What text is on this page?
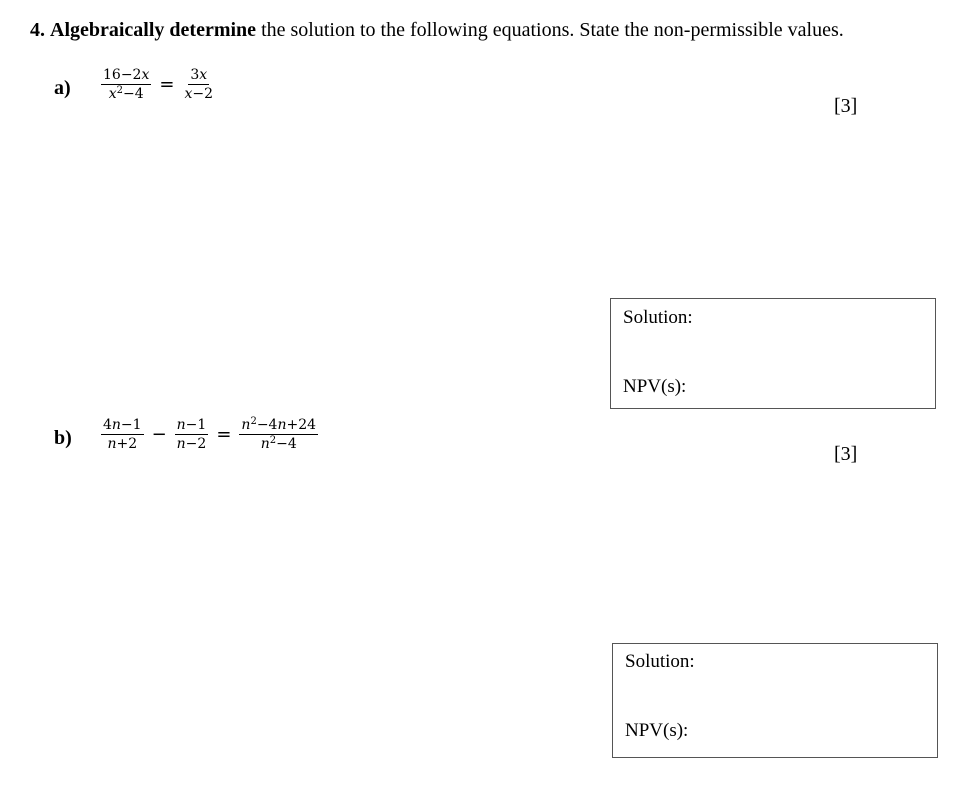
4. Algebraically determine the solution to the following equations. State the non-permissible values.
$a) \frac{\text{16−2𝑥}}{𝑥^2-4} = \frac{\text{3𝑥}}{\text{𝑥−2}}$
[3]
Solution:
NPV(s):
$b) \frac{\text{4𝑛−1}}{\text{𝑛+2}} - \frac{\text{𝑛−1}}{\text{𝑛−2}} = \frac{𝑛^2-4𝑛+24}{𝑛^2-4}$
[3]
Solution:
NPV(s):
